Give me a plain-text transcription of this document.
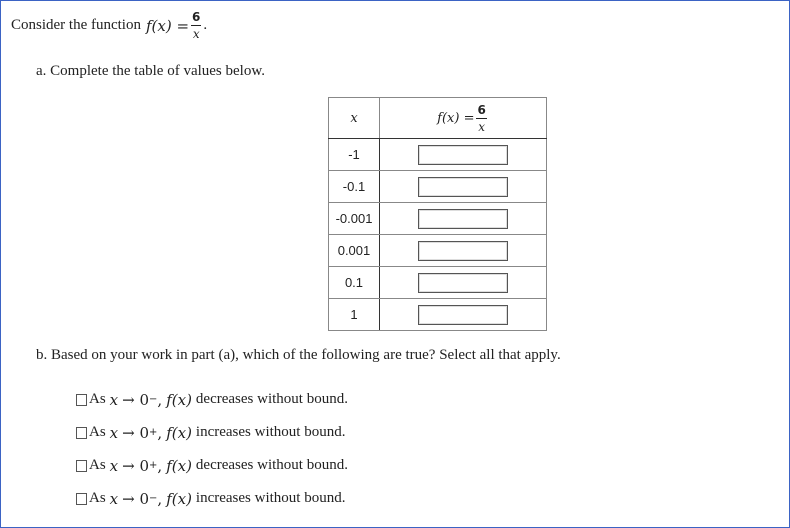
Consider the function $f(x) = \frac{6}{x}$ .
a. Complete the table of values below.
x	$f(x) = \frac{6}{x}$

-1	

-0.1	

-0.001	

0.001	

0.1	

1	
b. Based on your work in part (a), which of the following are true? Select all that apply.
As x → 0 − , f(x) decreases without bound.
As x → 0 + , f(x) increases without bound.
As x → 0 + , f(x) decreases without bound.
As x → 0 − , f(x) increases without bound.
